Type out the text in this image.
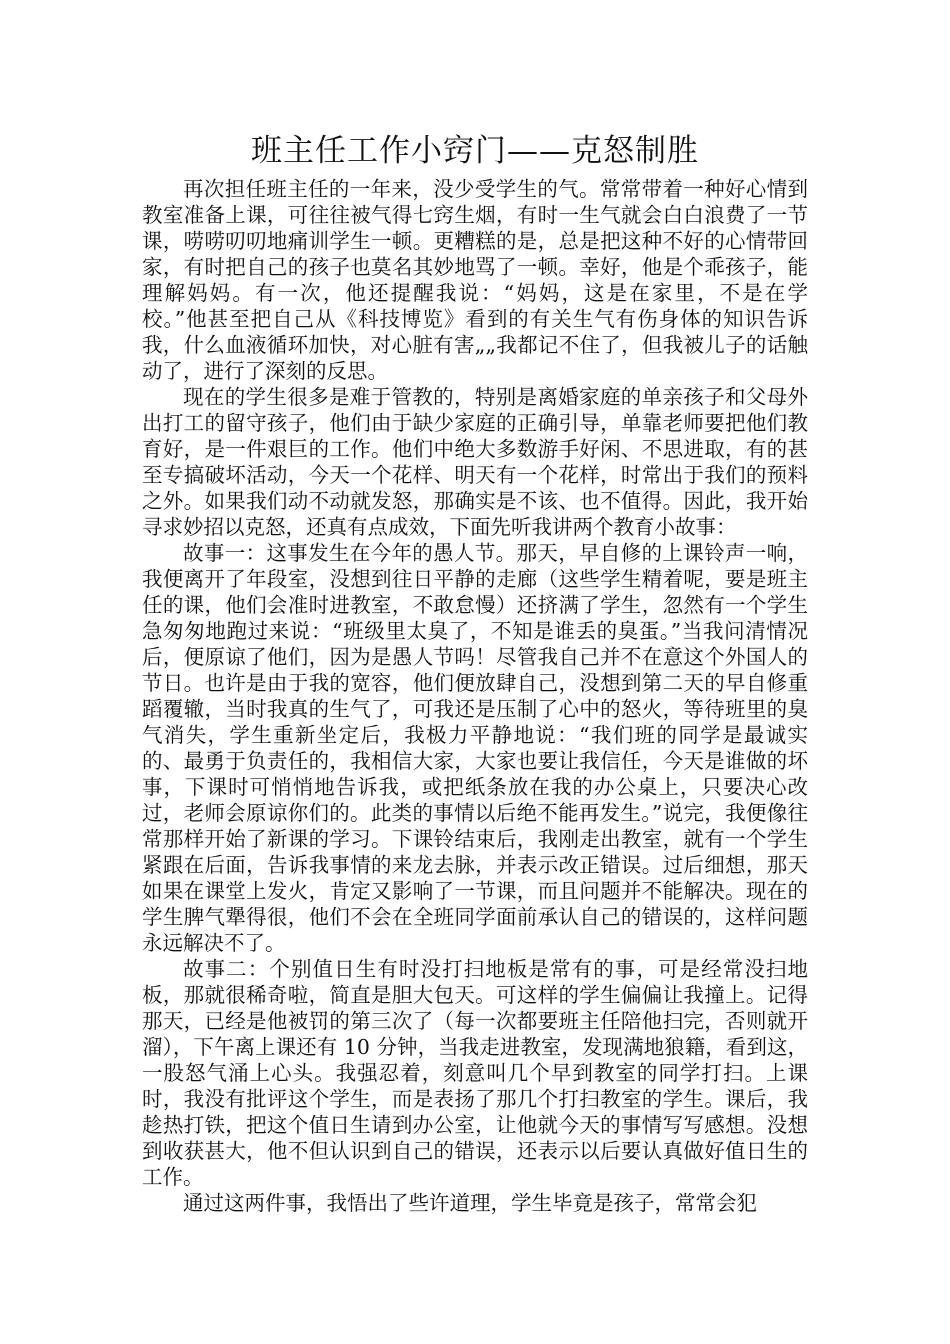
班主任工作小窍门——克怒制胜

再次担任班主任的一年来，没少受学生的气。常常带着一种好心情到教室准备上课，可往往被气得七窍生烟，有时一生气就会白白浪费了一节课，唠唠叨叨地痛训学生一顿。更糟糕的是，总是把这种不好的心情带回家，有时把自己的孩子也莫名其妙地骂了一顿。幸好，他是个乖孩子，能理解妈妈。有一次，他还提醒我说：“妈妈，这是在家里，不是在学校。”他甚至把自己从《科技博览》看到的有关生气有伤身体的知识告诉我，什么血液循环加快，对心脏有害„„我都记不住了，但我被儿子的话触动了，进行了深刻的反思。

现在的学生很多是难于管教的，特别是离婚家庭的单亲孩子和父母外出打工的留守孩子，他们由于缺少家庭的正确引导，单靠老师要把他们教育好，是一件艰巨的工作。他们中绝大多数游手好闲、不思进取，有的甚至专搞破坏活动，今天一个花样、明天有一个花样，时常出于我们的预料之外。如果我们动不动就发怒，那确实是不该、也不值得。因此，我开始寻求妙招以克怒，还真有点成效，下面先听我讲两个教育小故事：

故事一：这事发生在今年的愚人节。那天，早自修的上课铃声一响，我便离开了年段室，没想到往日平静的走廊（这些学生精着呢，要是班主任的课，他们会准时进教室，不敢怠慢）还挤满了学生，忽然有一个学生急匆匆地跑过来说：“班级里太臭了，不知是谁丢的臭蛋。”当我问清情况后，便原谅了他们，因为是愚人节吗！尽管我自己并不在意这个外国人的节日。也许是由于我的宽容，他们便放肆自己，没想到第二天的早自修重蹈覆辙，当时我真的生气了，可我还是压制了心中的怒火，等待班里的臭气消失，学生重新坐定后，我极力平静地说：“我们班的同学是最诚实的、最勇于负责任的，我相信大家，大家也要让我信任，今天是谁做的坏事，下课时可悄悄地告诉我，或把纸条放在我的办公桌上，只要决心改过，老师会原谅你们的。此类的事情以后绝不能再发生。”说完，我便像往常那样开始了新课的学习。下课铃结束后，我刚走出教室，就有一个学生紧跟在后面，告诉我事情的来龙去脉，并表示改正错误。过后细想，那天如果在课堂上发火，肯定又影响了一节课，而且问题并不能解决。现在的学生脾气犟得很，他们不会在全班同学面前承认自己的错误的，这样问题永远解决不了。

故事二：个别值日生有时没打扫地板是常有的事，可是经常没扫地板，那就很稀奇啦，简直是胆大包天。可这样的学生偏偏让我撞上。记得那天，已经是他被罚的第三次了（每一次都要班主任陪他扫完，否则就开溜），下午离上课还有 10 分钟，当我走进教室，发现满地狼籍，看到这，一股怒气涌上心头。我强忍着，刻意叫几个早到教室的同学打扫。上课时，我没有批评这个学生，而是表扬了那几个打扫教室的学生。课后，我趁热打铁，把这个值日生请到办公室，让他就今天的事情写写感想。没想到收获甚大，他不但认识到自己的错误，还表示以后要认真做好值日生的工作。

通过这两件事，我悟出了些许道理，学生毕竟是孩子，常常会犯
